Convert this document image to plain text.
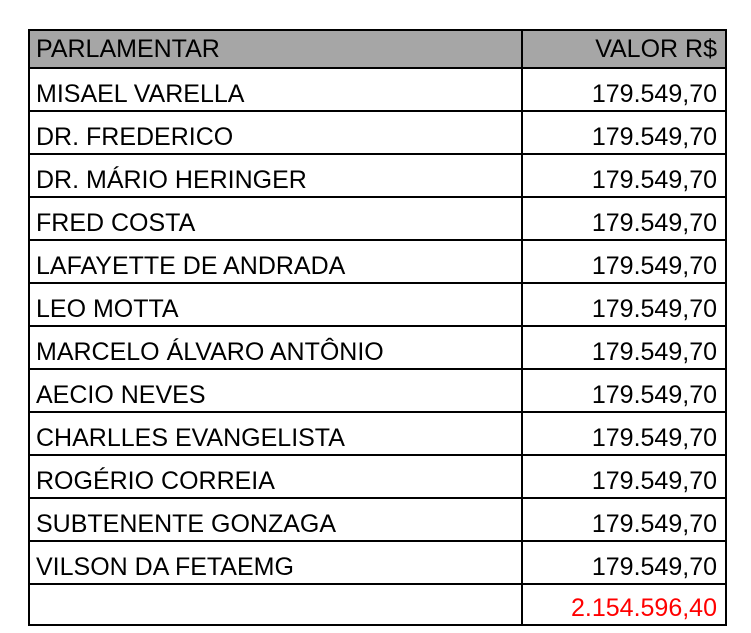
PARLAMENTAR	VALOR R$
MISAEL VARELLA	179.549,70
DR. FREDERICO	179.549,70
DR. MÁRIO HERINGER	179.549,70
FRED COSTA	179.549,70
LAFAYETTE DE ANDRADA	179.549,70
LEO MOTTA	179.549,70
MARCELO ÁLVARO ANTÔNIO	179.549,70
AECIO NEVES	179.549,70
CHARLLES EVANGELISTA	179.549,70
ROGÉRIO CORREIA	179.549,70
SUBTENENTE GONZAGA	179.549,70
VILSON DA FETAEMG	179.549,70
	2.154.596,40
